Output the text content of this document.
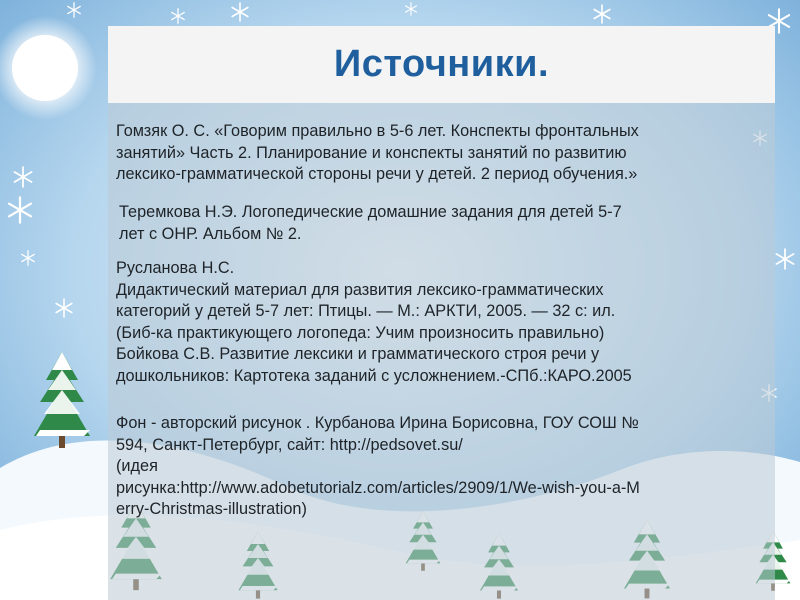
Источники.
Гомзяк О. С. «Говорим правильно в 5-6 лет. Конспекты фронтальных
занятий» Часть 2. Планирование и конспекты занятий по развитию
лексико-грамматической стороны речи у детей. 2 период обучения.»
Теремкова Н.Э. Логопедические домашние задания для детей 5-7
лет с ОНР. Альбом № 2.
Русланова Н.С.
Дидактический материал для развития лексико-грамматических
категорий у детей 5-7 лет: Птицы. — М.: АРКТИ, 2005. — 32 с: ил.
(Биб-ка практикующего логопеда: Учим произносить правильно)
Бойкова С.В. Развитие лексики и грамматического строя речи у
дошкольников: Картотека заданий с усложнением.-СПб.:КАРО.2005
Фон - авторский рисунок . Курбанова Ирина Борисовна, ГОУ СОШ №
594, Санкт-Петербург, сайт: http://pedsovet.su/
(идея
рисунка:http://www.adobetutorialz.com/articles/2909/1/We-wish-you-a-M
erry-Christmas-illustration)
